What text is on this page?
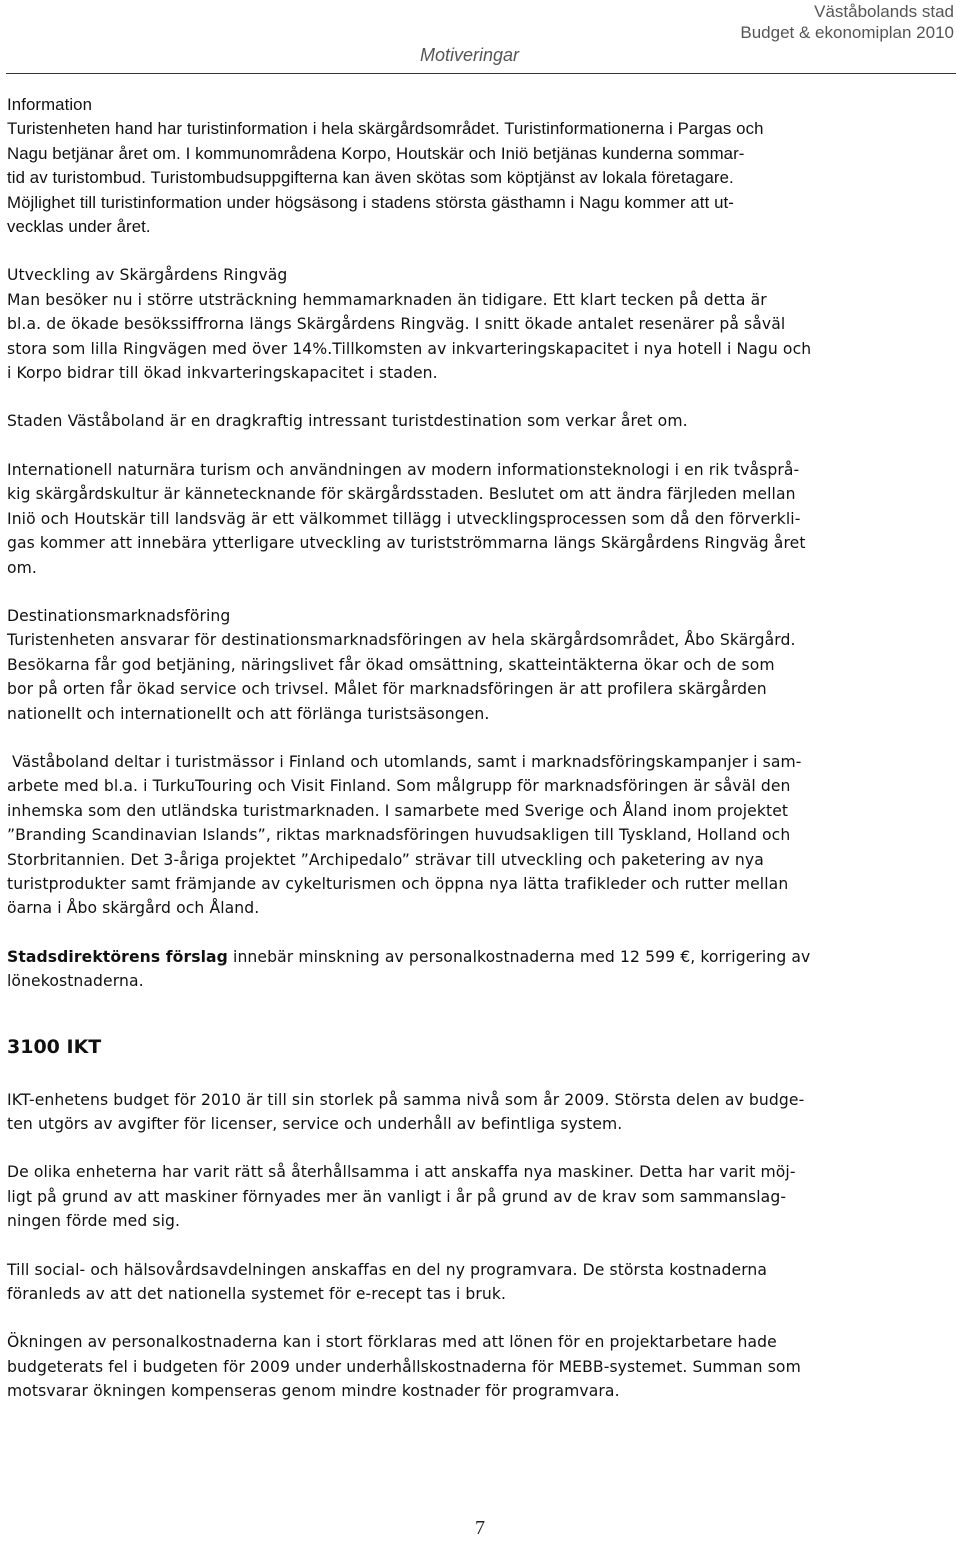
Väståbolands stad
Budget & ekonomiplan 2010
Motiveringar

Information

Turistenheten hand har turistinformation i hela skärgårdsområdet. Turistinformationerna i Pargas och

Nagu betjänar året om. I kommunområdena Korpo, Houtskär och Iniö betjänas kunderna sommar-

tid av turistombud. Turistombudsuppgifterna kan även skötas som köptjänst av lokala företagare.

Möjlighet till turistinformation under högsäsong i stadens största gästhamn i Nagu kommer att ut-

vecklas under året.

Utveckling av Skärgårdens Ringväg

Man besöker nu i större utsträckning hemmamarknaden än tidigare. Ett klart tecken på detta är

bl.a. de ökade besökssiffrorna längs Skärgårdens Ringväg. I snitt ökade antalet resenärer på såväl

stora som lilla Ringvägen med över 14%.Tillkomsten av inkvarteringskapacitet i nya hotell i Nagu och

i Korpo bidrar till ökad inkvarteringskapacitet i staden.

Staden Väståboland är en dragkraftig intressant turistdestination som verkar året om.

Internationell naturnära turism och användningen av modern informationsteknologi i en rik tvåsprå-

kig skärgårdskultur är kännetecknande för skärgårdsstaden. Beslutet om att ändra färjleden mellan

Iniö och Houtskär till landsväg är ett välkommet tillägg i utvecklingsprocessen som då den förverkli-

gas kommer att innebära ytterligare utveckling av turistströmmarna längs Skärgårdens Ringväg året

om.

Destinationsmarknadsföring

Turistenheten ansvarar för destinationsmarknadsföringen av hela skärgårdsområdet, Åbo Skärgård.

Besökarna får god betjäning, näringslivet får ökad omsättning, skatteintäkterna ökar och de som

bor på orten får ökad service och trivsel. Målet för marknadsföringen är att profilera skärgården

nationellt och internationellt och att förlänga turistsäsongen.

Väståboland deltar i turistmässor i Finland och utomlands, samt i marknadsföringskampanjer i sam-

arbete med bl.a. i TurkuTouring och Visit Finland. Som målgrupp för marknadsföringen är såväl den

inhemska som den utländska turistmarknaden. I samarbete med Sverige och Åland inom projektet

”Branding Scandinavian Islands”, riktas marknadsföringen huvudsakligen till Tyskland, Holland och

Storbritannien. Det 3-åriga projektet ”Archipedalo” strävar till utveckling och paketering av nya

turistprodukter samt främjande av cykelturismen och öppna nya lätta trafikleder och rutter mellan

öarna i Åbo skärgård och Åland.

Stadsdirektörens förslag innebär minskning av personalkostnaderna med 12 599 €, korrigering av

lönekostnaderna.

3100 IKT

IKT-enhetens budget för 2010 är till sin storlek på samma nivå som år 2009. Största delen av budge-

ten utgörs av avgifter för licenser, service och underhåll av befintliga system.

De olika enheterna har varit rätt så återhållsamma i att anskaffa nya maskiner. Detta har varit möj-

ligt på grund av att maskiner förnyades mer än vanligt i år på grund av de krav som sammanslag-

ningen förde med sig.

Till social- och hälsovårdsavdelningen anskaffas en del ny programvara. De största kostnaderna

föranleds av att det nationella systemet för e-recept tas i bruk.

Ökningen av personalkostnaderna kan i stort förklaras med att lönen för en projektarbetare hade

budgeterats fel i budgeten för 2009 under underhållskostnaderna för MEBB-systemet. Summan som

motsvarar ökningen kompenseras genom mindre kostnader för programvara.

7
